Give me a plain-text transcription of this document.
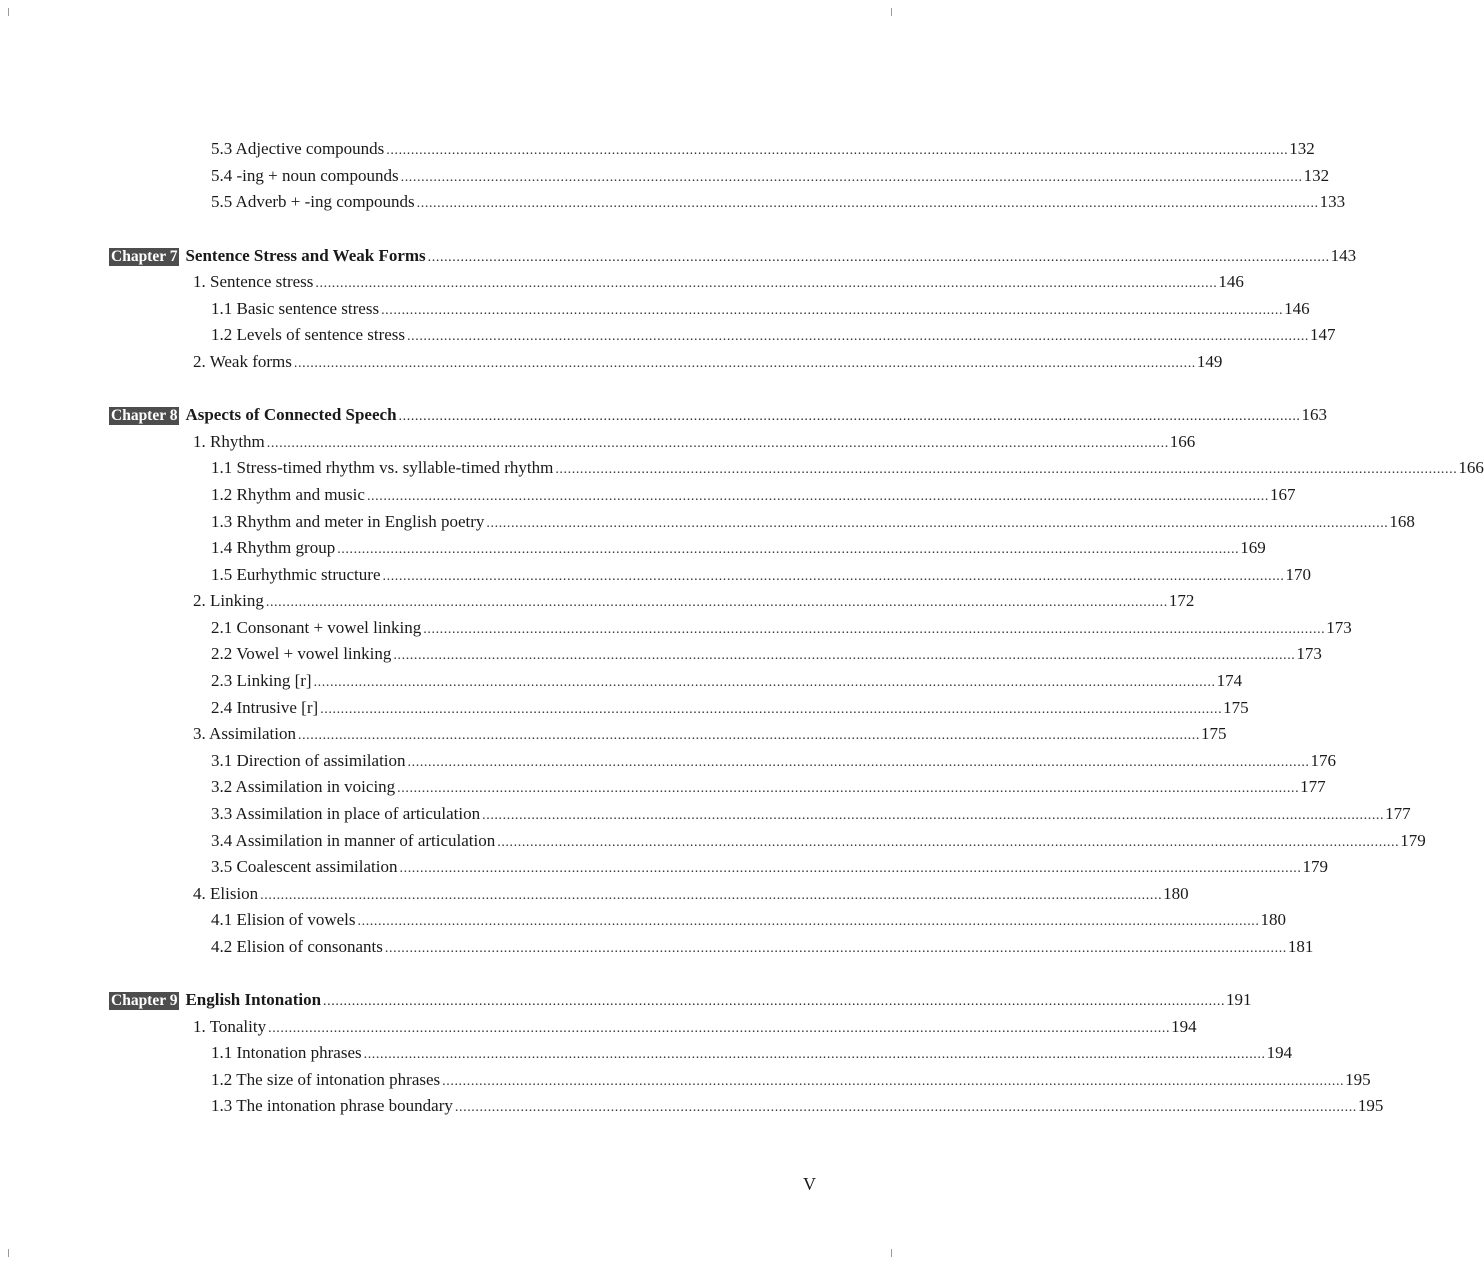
5.3 Adjective compounds ............................................................................................................................................................................................................................ 132
5.4 -ing + noun compounds ............................................................................................................................................................................................................................ 132
5.5 Adverb + -ing compounds ............................................................................................................................................................................................................................ 133
Chapter 7 Sentence Stress and Weak Forms ............................................................................................................................................................................................................................ 143
1. Sentence stress ............................................................................................................................................................................................................................ 146
1.1 Basic sentence stress ............................................................................................................................................................................................................................ 146
1.2 Levels of sentence stress ............................................................................................................................................................................................................................ 147
2. Weak forms ............................................................................................................................................................................................................................ 149
Chapter 8 Aspects of Connected Speech ............................................................................................................................................................................................................................ 163
1. Rhythm ............................................................................................................................................................................................................................ 166
1.1 Stress-timed rhythm vs. syllable-timed rhythm ............................................................................................................................................................................................................................ 166
1.2 Rhythm and music ............................................................................................................................................................................................................................ 167
1.3 Rhythm and meter in English poetry ............................................................................................................................................................................................................................ 168
1.4 Rhythm group ............................................................................................................................................................................................................................ 169
1.5 Eurhythmic structure ............................................................................................................................................................................................................................ 170
2. Linking ............................................................................................................................................................................................................................ 172
2.1 Consonant + vowel linking ............................................................................................................................................................................................................................ 173
2.2 Vowel + vowel linking ............................................................................................................................................................................................................................ 173
2.3 Linking [r] ............................................................................................................................................................................................................................ 174
2.4 Intrusive [r] ............................................................................................................................................................................................................................ 175
3. Assimilation ............................................................................................................................................................................................................................ 175
3.1 Direction of assimilation ............................................................................................................................................................................................................................ 176
3.2 Assimilation in voicing ............................................................................................................................................................................................................................ 177
3.3 Assimilation in place of articulation ............................................................................................................................................................................................................................ 177
3.4 Assimilation in manner of articulation ............................................................................................................................................................................................................................ 179
3.5 Coalescent assimilation ............................................................................................................................................................................................................................ 179
4. Elision ............................................................................................................................................................................................................................ 180
4.1 Elision of vowels ............................................................................................................................................................................................................................ 180
4.2 Elision of consonants ............................................................................................................................................................................................................................ 181
Chapter 9 English Intonation ............................................................................................................................................................................................................................ 191
1. Tonality ............................................................................................................................................................................................................................ 194
1.1 Intonation phrases ............................................................................................................................................................................................................................ 194
1.2 The size of intonation phrases ............................................................................................................................................................................................................................ 195
1.3 The intonation phrase boundary ............................................................................................................................................................................................................................ 195
V
